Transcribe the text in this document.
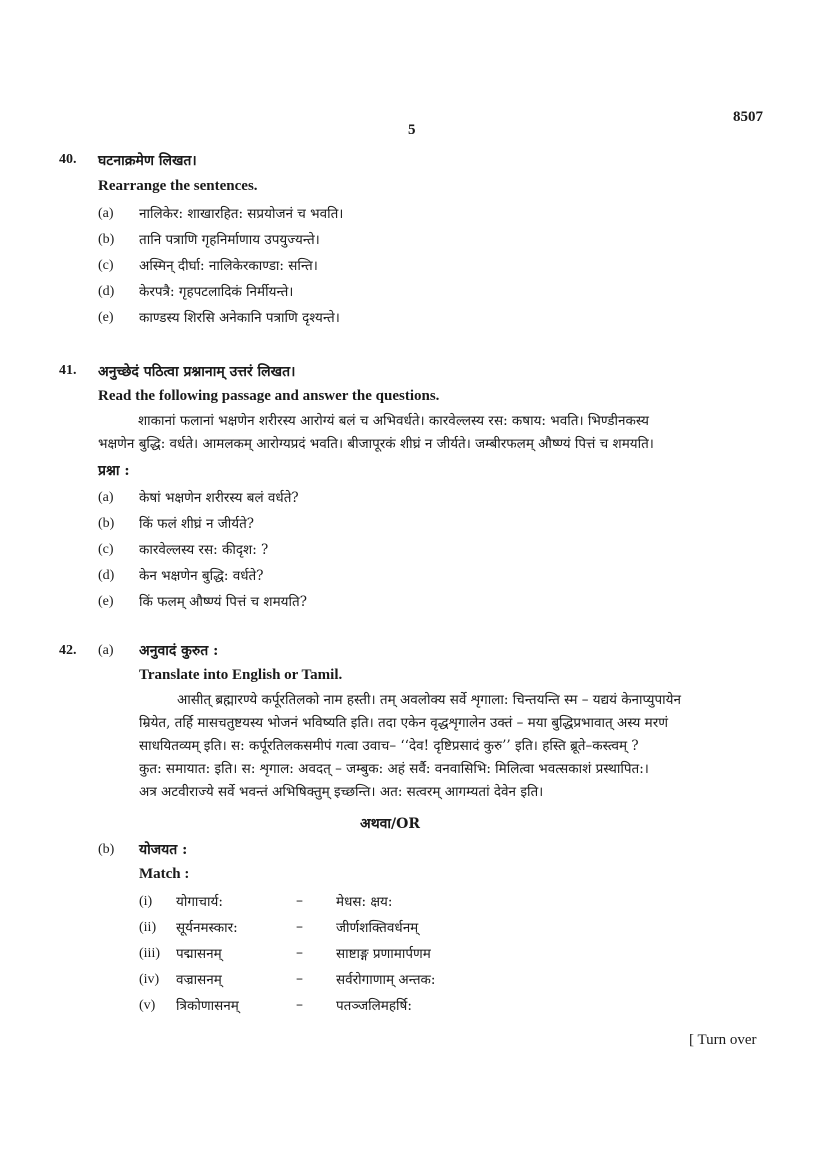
8507
5
40. घटनाक्रमेण लिखत।
Rearrange the sentences.
(a) नालिकेर: शाखारहित: सप्रयोजनं च भवति।
(b) तानि पत्राणि गृहनिर्माणाय उपयुज्यन्ते।
(c) अस्मिन् दीर्घा: नालिकेरकाण्डा: सन्ति।
(d) केरपत्रै: गृहपटलादिकं निर्मीयन्ते।
(e) काण्डस्य शिरसि अनेकानि पत्राणि दृश्यन्ते।
41. अनुच्छेदं पठित्वा प्रश्नानाम् उत्तरं लिखत।
Read the following passage and answer the questions.
शाकानां फलानां भक्षणेन शरीरस्य आरोग्यं बलं च अभिवर्धते। कारवेल्लस्य रस: कषाय: भवति। भिण्डीनकस्य
भक्षणेन बुद्धि: वर्धते। आमलकम् आरोग्यप्रदं भवति। बीजापूरकं शीघ्रं न जीर्यते। जम्बीरफलम् औष्ण्यं पित्तं च शमयति।
प्रश्ना :
(a) केषां भक्षणेन शरीरस्य बलं वर्धते?
(b) किं फलं शीघ्रं न जीर्यते?
(c) कारवेल्लस्य रस: कीदृश: ?
(d) केन भक्षणेन बुद्धि: वर्धते?
(e) किं फलम् औष्ण्यं पित्तं च शमयति?
42. (a) अनुवादं कुरुत :
Translate into English or Tamil.
आसीत् ब्रह्मारण्ये कर्पूरतिलको नाम हस्ती। तम् अवलोक्य सर्वे शृगाला: चिन्तयन्ति स्म – यद्ययं केनाप्युपायेन
म्रियेत, तर्हि मासचतुष्टयस्य भोजनं भविष्यति इति। तदा एकेन वृद्धशृगालेन उक्तं – मया बुद्धिप्रभावात् अस्य मरणं
साधयितव्यम् इति। स: कर्पूरतिलकसमीपं गत्वा उवाच– ‘‘देव! दृष्टिप्रसादं कुरु’’ इति। हस्ति ब्रूते–कस्त्वम् ?
कुत: समायात: इति। स: शृगाल: अवदत् – जम्बुक: अहं सर्वै: वनवासिभि: मिलित्वा भवत्सकाशं प्रस्थापित:।
अत्र अटवीराज्ये सर्वे भवन्तं अभिषिक्तुम् इच्छन्ति। अत: सत्वरम् आगम्यतां देवेन इति।
अथवा/OR
(b) योजयत :
Match :
(i) योगाचार्य:	– मेधस: क्षय:
(ii) सूर्यनमस्कार:	– जीर्णशक्तिवर्धनम्
(iii) पद्मासनम्	– साष्टाङ्ग प्रणामार्पणम
(iv) वज्रासनम्	– सर्वरोगाणाम् अन्तक:
(v) त्रिकोणासनम्	– पतञ्जलिमहर्षि:
[ Turn over
